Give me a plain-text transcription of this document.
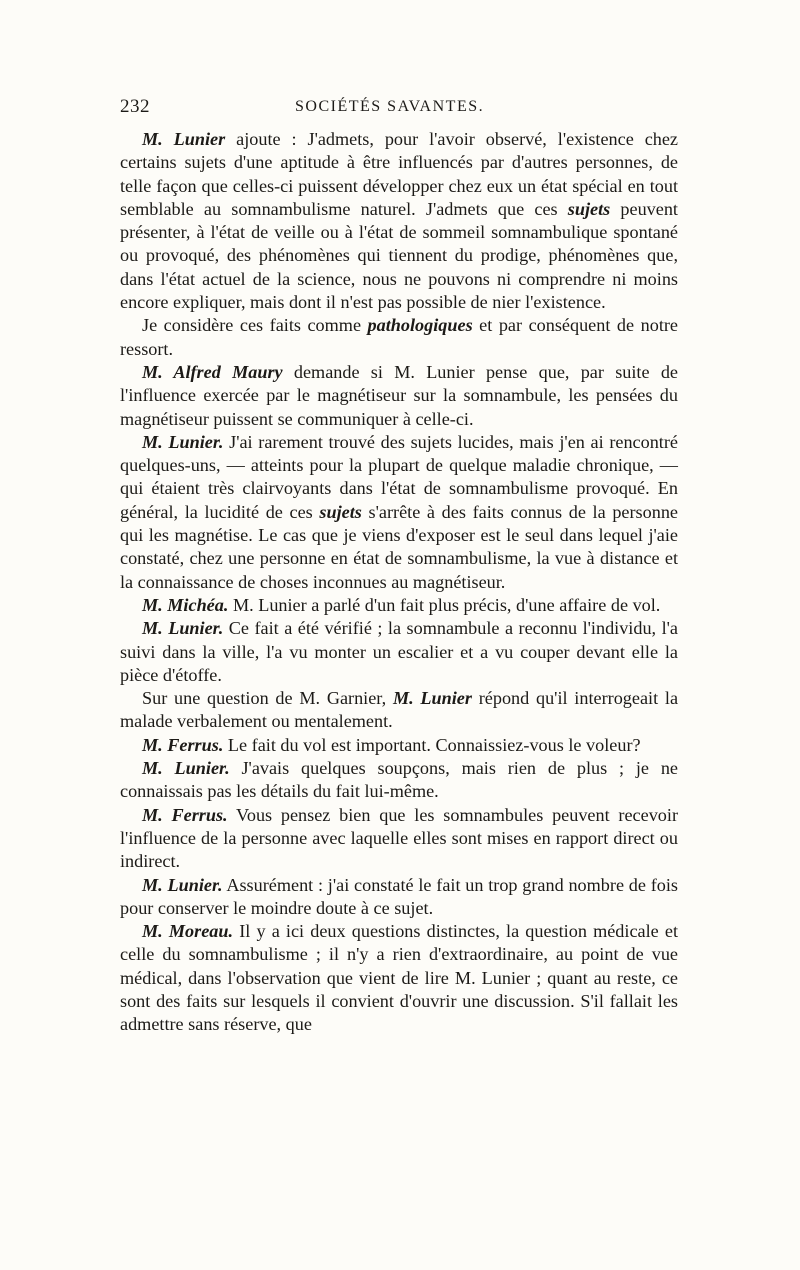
232	SOCIÉTÉS SAVANTES.

M. Lunier ajoute : J'admets, pour l'avoir observé, l'existence chez certains sujets d'une aptitude à être influencés par d'autres personnes, de telle façon que celles-ci puissent développer chez eux un état spécial en tout semblable au somnambulisme naturel. J'admets que ces sujets peuvent présenter, à l'état de veille ou à l'état de sommeil somnambulique spontané ou provoqué, des phénomènes qui tiennent du prodige, phénomènes que, dans l'état actuel de la science, nous ne pouvons ni comprendre ni moins encore expliquer, mais dont il n'est pas possible de nier l'existence.

Je considère ces faits comme pathologiques et par conséquent de notre ressort.

M. Alfred Maury demande si M. Lunier pense que, par suite de l'influence exercée par le magnétiseur sur la somnambule, les pensées du magnétiseur puissent se communiquer à celle-ci.

M. Lunier. J'ai rarement trouvé des sujets lucides, mais j'en ai rencontré quelques-uns, — atteints pour la plupart de quelque maladie chronique, — qui étaient très clairvoyants dans l'état de somnambulisme provoqué. En général, la lucidité de ces sujets s'arrête à des faits connus de la personne qui les magnétise. Le cas que je viens d'exposer est le seul dans lequel j'aie constaté, chez une personne en état de somnambulisme, la vue à distance et la connaissance de choses inconnues au magnétiseur.

M. Michéa. M. Lunier a parlé d'un fait plus précis, d'une affaire de vol.

M. Lunier. Ce fait a été vérifié ; la somnambule a reconnu l'individu, l'a suivi dans la ville, l'a vu monter un escalier et a vu couper devant elle la pièce d'étoffe.

Sur une question de M. Garnier, M. Lunier répond qu'il interrogeait la malade verbalement ou mentalement.

M. Ferrus. Le fait du vol est important. Connaissiez-vous le voleur?

M. Lunier. J'avais quelques soupçons, mais rien de plus ; je ne connaissais pas les détails du fait lui-même.

M. Ferrus. Vous pensez bien que les somnambules peuvent recevoir l'influence de la personne avec laquelle elles sont mises en rapport direct ou indirect.

M. Lunier. Assurément : j'ai constaté le fait un trop grand nombre de fois pour conserver le moindre doute à ce sujet.

M. Moreau. Il y a ici deux questions distinctes, la question médicale et celle du somnambulisme ; il n'y a rien d'extraordinaire, au point de vue médical, dans l'observation que vient de lire M. Lunier ; quant au reste, ce sont des faits sur lesquels il convient d'ouvrir une discussion. S'il fallait les admettre sans réserve, que
